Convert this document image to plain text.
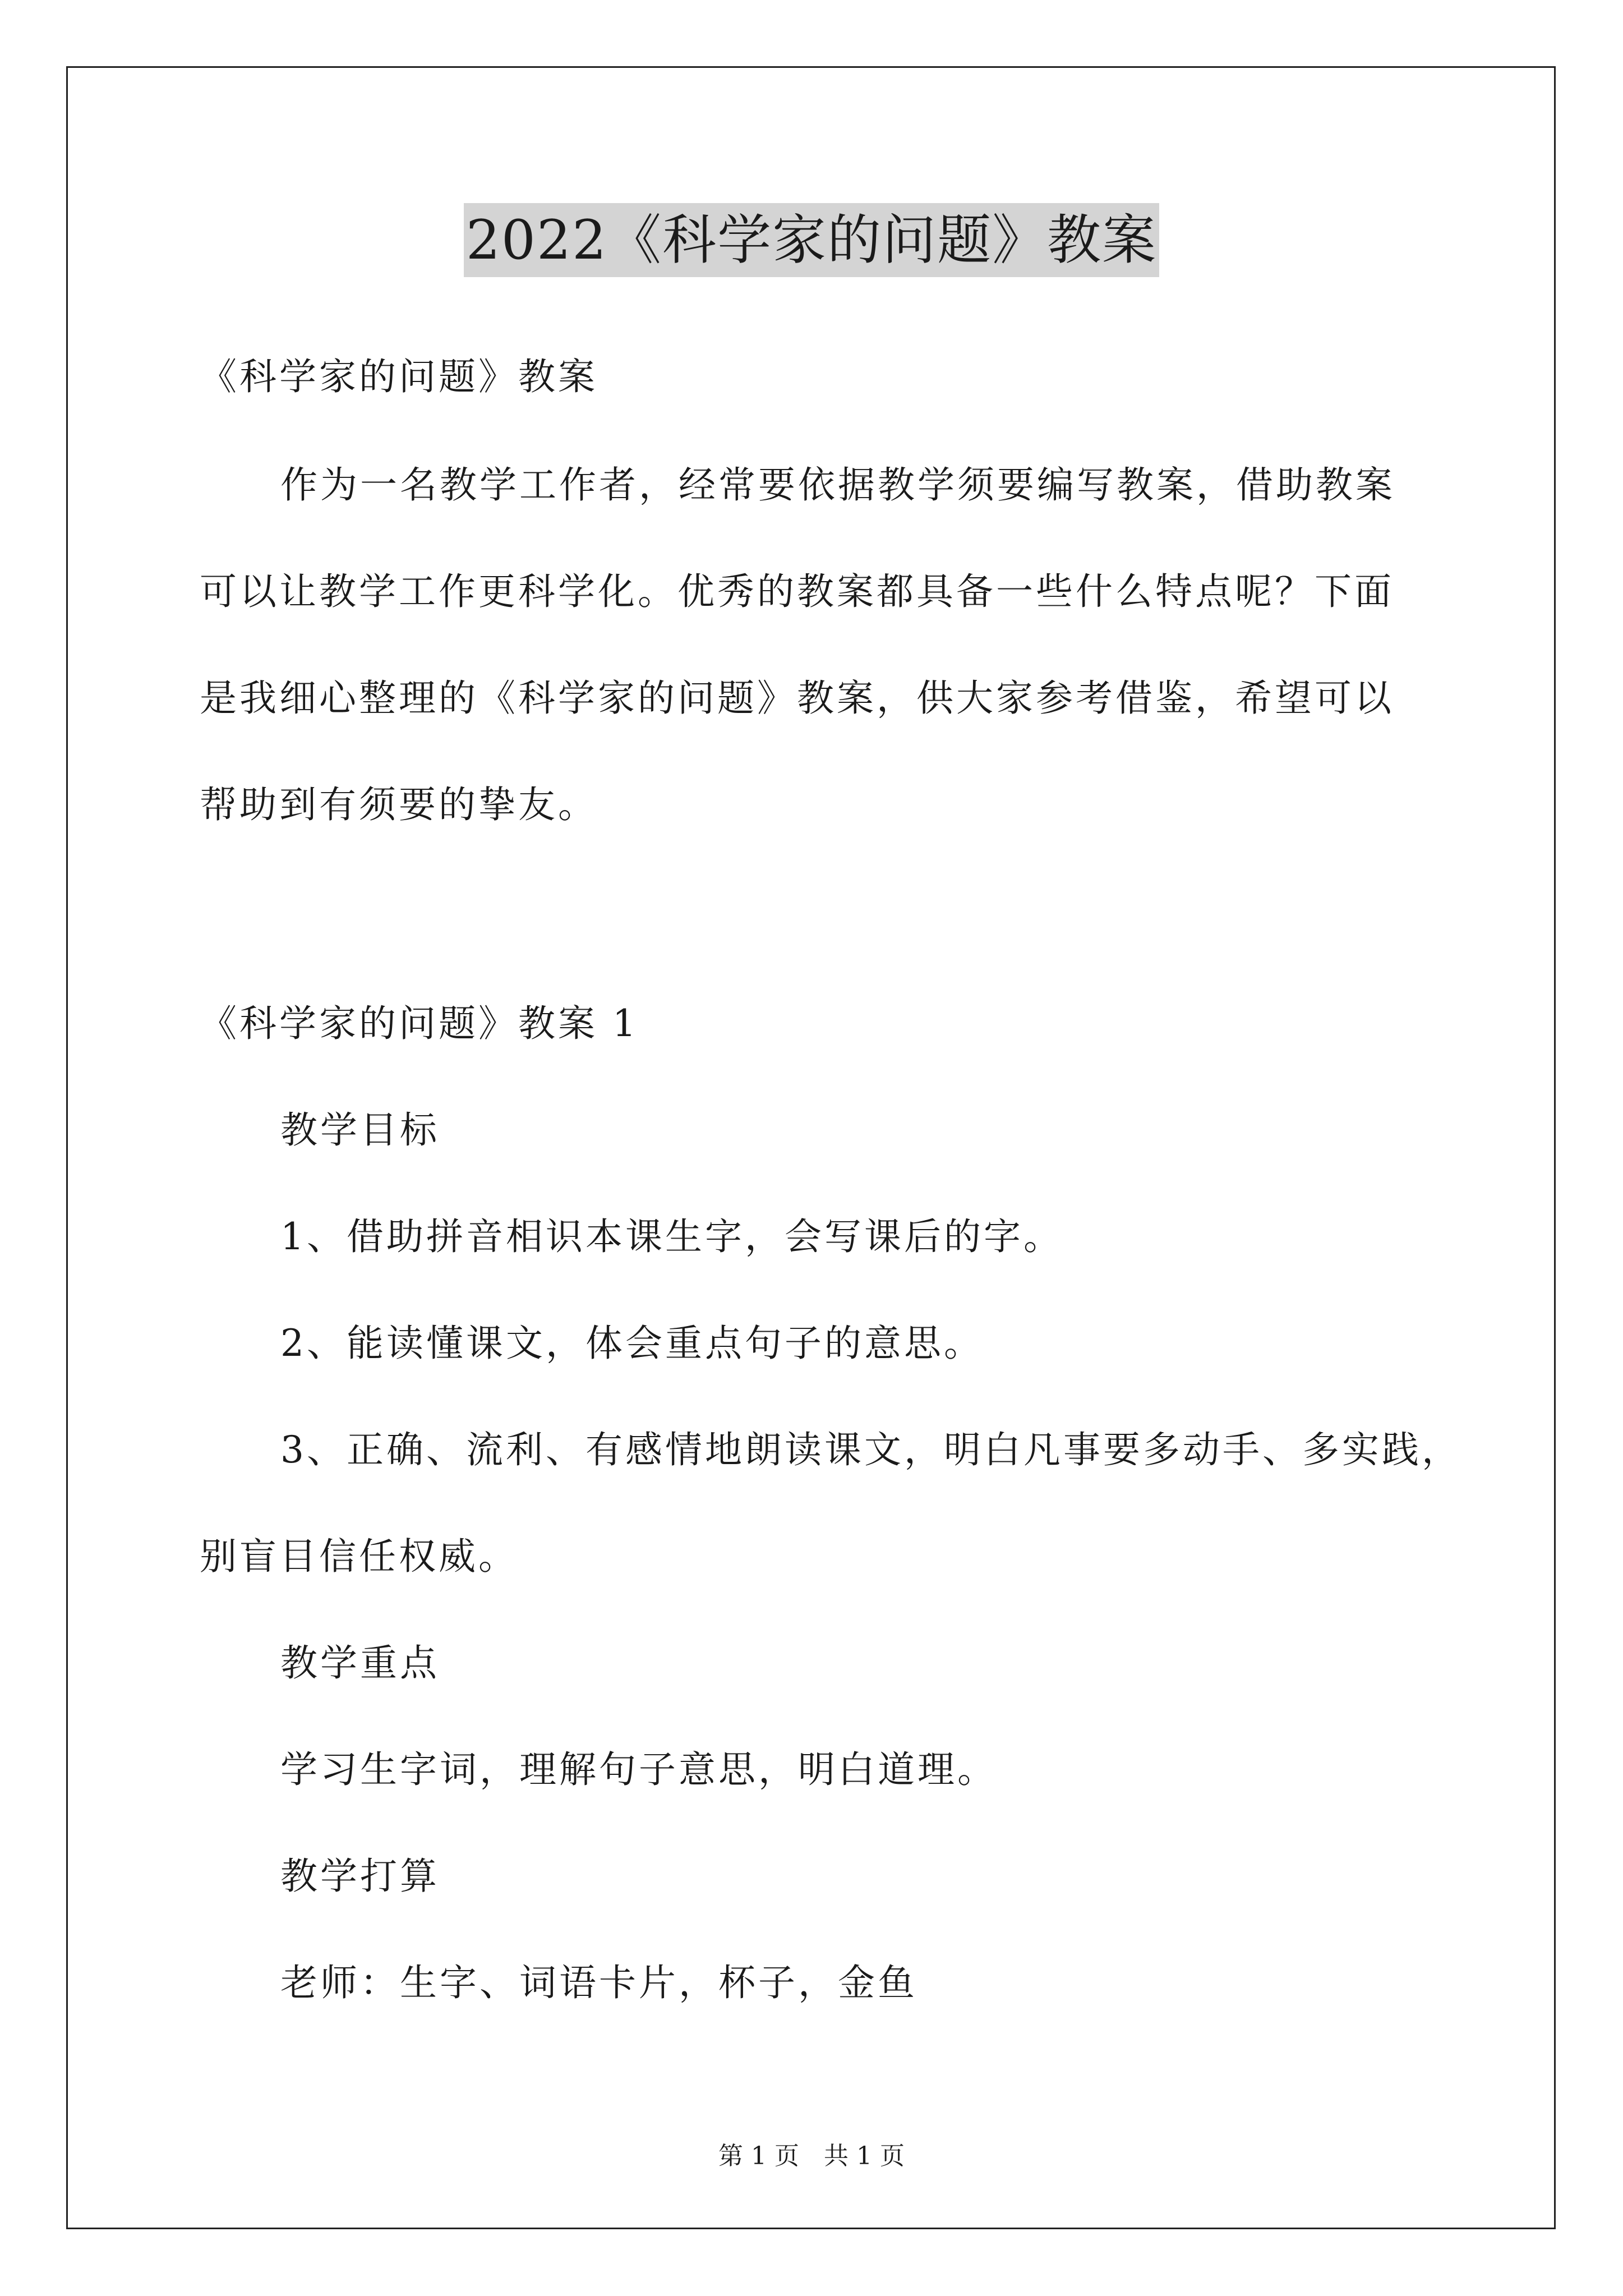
2022《科学家的问题》教案
《科学家的问题》教案
作为一名教学工作者，经常要依据教学须要编写教案，借助教案
可以让教学工作更科学化。优秀的教案都具备一些什么特点呢？下面
是我细心整理的《科学家的问题》教案，供大家参考借鉴，希望可以
帮助到有须要的挚友。
《科学家的问题》教案 1
教学目标
1、借助拼音相识本课生字，会写课后的字。
2、能读懂课文，体会重点句子的意思。
3、正确、流利、有感情地朗读课文，明白凡事要多动手、多实践，
别盲目信任权威。
教学重点
学习生字词，理解句子意思，明白道理。
教学打算
老师：生字、词语卡片，杯子，金鱼
第 1 页 共 1 页
